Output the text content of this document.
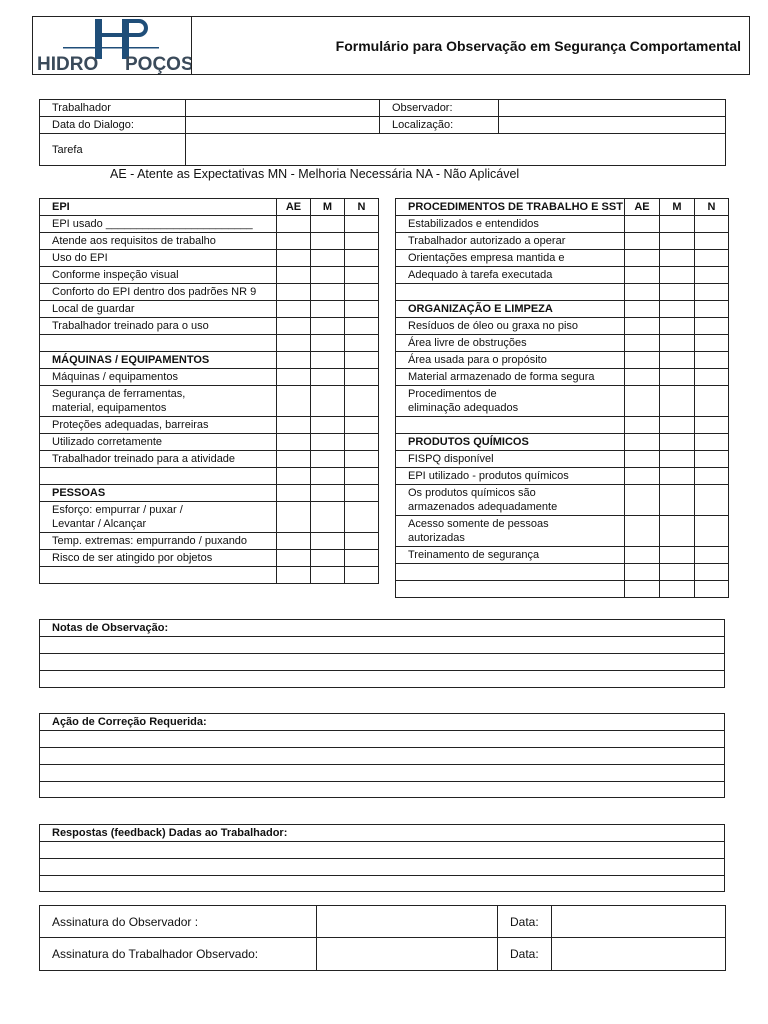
HIDRO POÇOS
Formulário para Observação em Segurança Comportamental
Trabalhador		Observador:	
Data do Dialogo:		Localização:	
Tarefa			
AE - Atente as Expectativas MN - Melhoria Necessária NA - Não Aplicável
EPI	AE	M	N
EPI usado ________________________			
Atende aos requisitos de trabalho			
Uso do EPI			
Conforme inspeção visual			
Conforto do EPI dentro dos padrões NR 9			
Local de guardar			
Trabalhador treinado para o uso			

MÁQUINAS / EQUIPAMENTOS			
Máquinas / equipamentos			

Segurança de ferramentas,
material, equipamentos			

Proteções adequadas, barreiras			
Utilizado corretamente			
Trabalhador treinado para a atividade			

PESSOAS			

Esforço: empurrar / puxar /
Levantar / Alcançar			

Temp. extremas: empurrando / puxando			
Risco de ser atingido por objetos			

PROCEDIMENTOS DE TRABALHO E SST	AE	M	N
Estabilizados e entendidos			
Trabalhador autorizado a operar			
Orientações empresa mantida e			
Adequado à tarefa executada			

ORGANIZAÇÃO E LIMPEZA			
Resíduos de óleo ou graxa no piso			
Área livre de obstruções			
Área usada para o propósito			
Material armazenado de forma segura			

Procedimentos de
eliminação adequados			

PRODUTOS QUÍMICOS			
FISPQ disponível			
EPI utilizado - produtos químicos			

Os produtos químicos são
armazenados adequadamente			

Acesso somente de pessoas
autorizadas			

Treinamento de segurança			

Notas de Observação:

Ação de Correção Requerida:

Respostas (feedback) Dadas ao Trabalhador:

Assinatura do Observador :		Data:	
Assinatura do Trabalhador Observado:		Data:	
